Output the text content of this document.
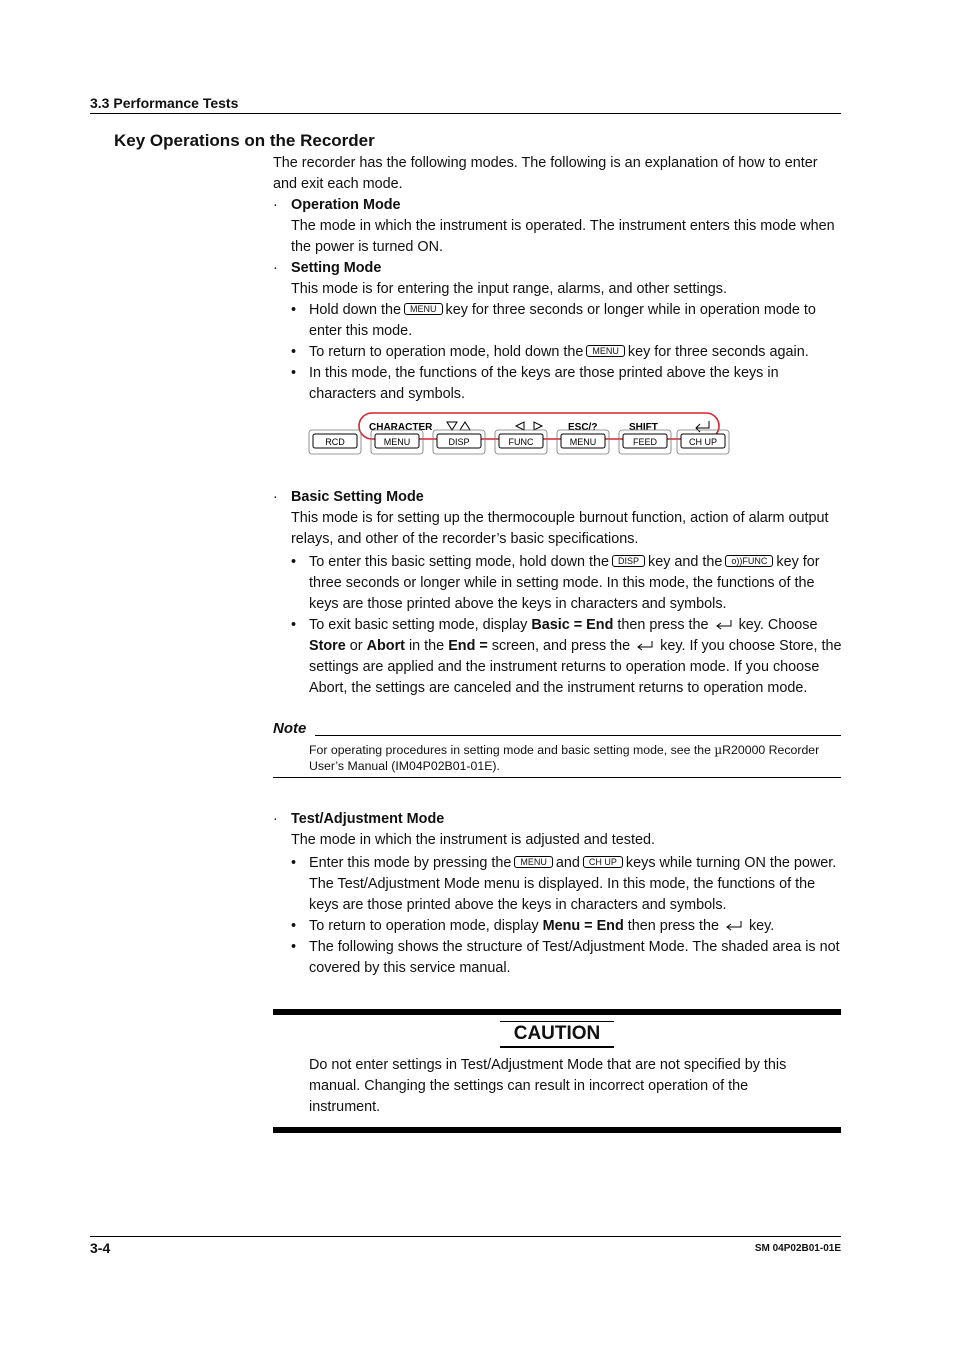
3.3 Performance Tests
Key Operations on the Recorder

The recorder has the following modes. The following is an explanation of how to enter and exit each mode.

· Operation Mode

The mode in which the instrument is operated. The instrument enters this mode when the power is turned ON.

· Setting Mode

This mode is for entering the input range, alarms, and other settings.

• Hold down the MENU key for three seconds or longer while in operation mode to enter this mode.
• To return to operation mode, hold down the MENU key for three seconds again.
• In this mode, the functions of the keys are those printed above the keys in characters and symbols.
CHARACTER	ESC/?	SHIFT
RCD	MENU	DISP	FUNC	MENU	FEED	CH UP
· Basic Setting Mode

This mode is for setting up the thermocouple burnout function, action of alarm output relays, and other of the recorder’s basic specifications.

• To enter this basic setting mode, hold down the DISP key and the o))FUNC key for three seconds or longer while in setting mode. In this mode, the functions of the keys are those printed above the keys in characters and symbols.
• To exit basic setting mode, display Basic = End then press the key. Choose Store or Abort in the End = screen, and press the key. If you choose Store, the settings are applied and the instrument returns to operation mode. If you choose Abort, the settings are canceled and the instrument returns to operation mode.
Note
For operating procedures in setting mode and basic setting mode, see the µR20000 Recorder User’s Manual (IM04P02B01-01E).
· Test/Adjustment Mode

The mode in which the instrument is adjusted and tested.

• Enter this mode by pressing the MENU and CH UP keys while turning ON the power. The Test/Adjustment Mode menu is displayed. In this mode, the functions of the keys are those printed above the keys in characters and symbols.
• To return to operation mode, display Menu = End then press the key.
• The following shows the structure of Test/Adjustment Mode. The shaded area is not covered by this service manual.
CAUTION
Do not enter settings in Test/Adjustment Mode that are not specified by this manual. Changing the settings can result in incorrect operation of the instrument.
3-4	SM 04P02B01-01E
